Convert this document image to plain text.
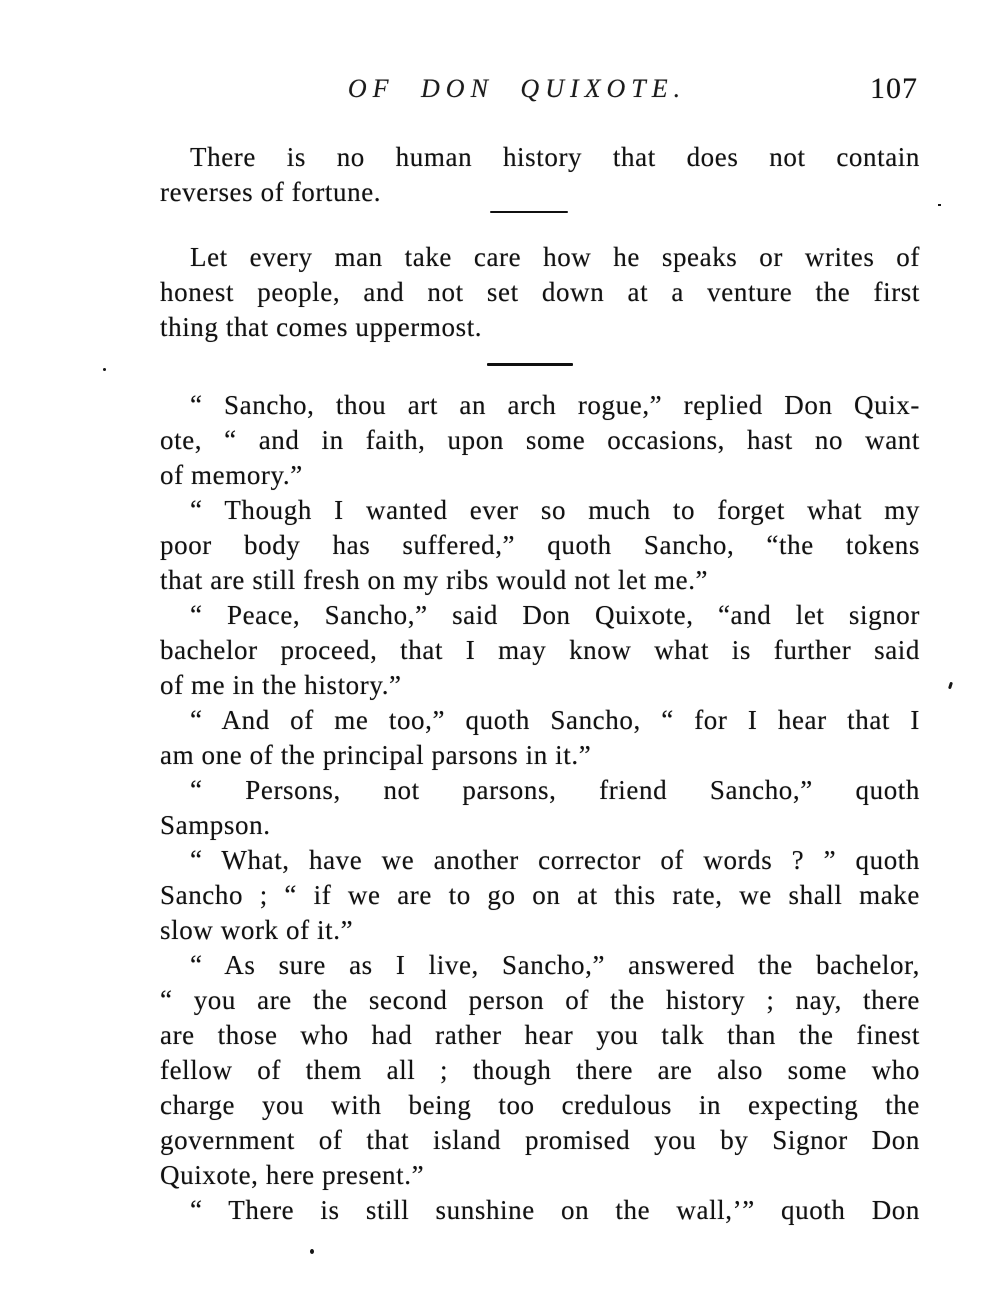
OF DON QUIXOTE.	107
There is no human history that does not contain
reverses of fortune.
Let every man take care how he speaks or writes of
honest people, and not set down at a venture the first
thing that comes uppermost.
“ Sancho, thou art an arch rogue,” replied Don Quix-
ote, “ and in faith, upon some occasions, hast no want
of memory.”
“ Though I wanted ever so much to forget what my
poor body has suffered,” quoth Sancho, “the tokens
that are still fresh on my ribs would not let me.”
“ Peace, Sancho,” said Don Quixote, “and let signor
bachelor proceed, that I may know what is further said
of me in the history.”
“ And of me too,” quoth Sancho, “ for I hear that I
am one of the principal parsons in it.”
“ Persons, not parsons, friend Sancho,” quoth
Sampson.
“ What, have we another corrector of words ? ” quoth
Sancho ; “ if we are to go on at this rate, we shall make
slow work of it.”
“ As sure as I live, Sancho,” answered the bachelor,
“ you are the second person of the history ; nay, there
are those who had rather hear you talk than the finest
fellow of them all ; though there are also some who
charge you with being too credulous in expecting the
government of that island promised you by Signor Don
Quixote, here present.”
“ There is still sunshine on the wall,’” quoth Don
